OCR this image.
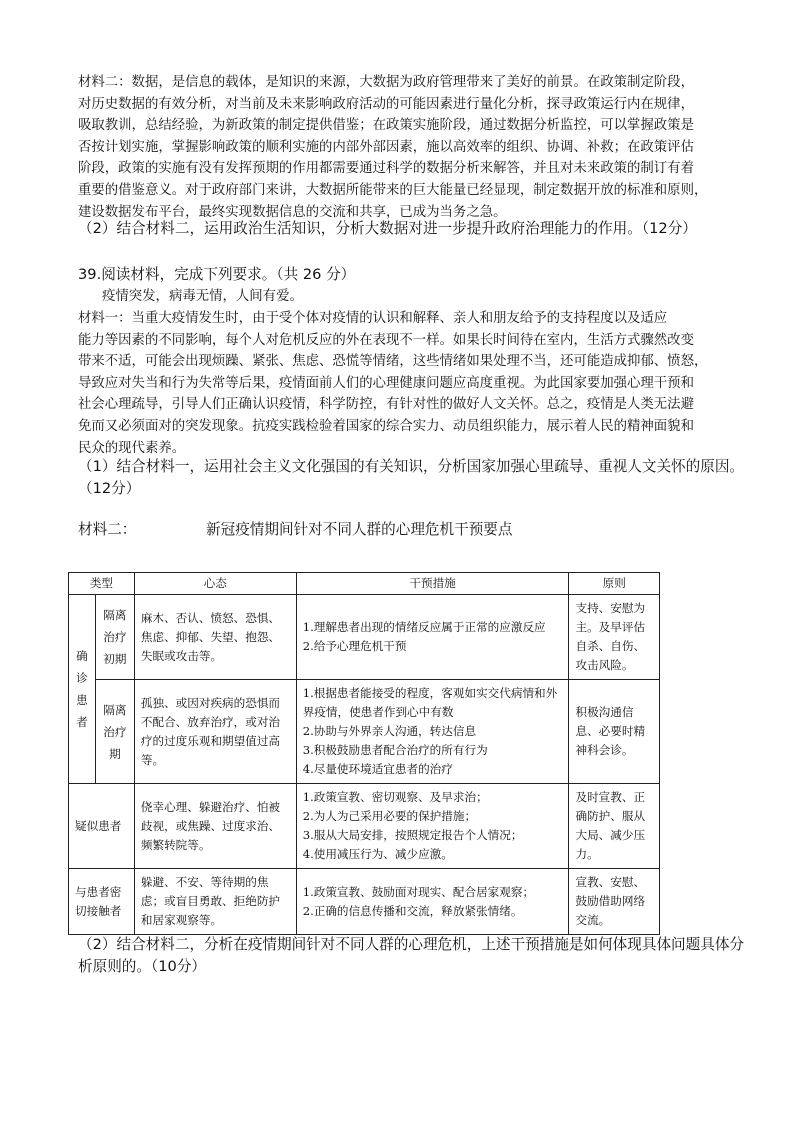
材料二：数据，是信息的载体，是知识的来源，大数据为政府管理带来了美好的前景。在政策制定阶段，
对历史数据的有效分析，对当前及未来影响政府活动的可能因素进行量化分析，探寻政策运行内在规律，
吸取教训，总结经验，为新政策的制定提供借鉴；在政策实施阶段，通过数据分析监控，可以掌握政策是
否按计划实施，掌握影响政策的顺利实施的内部外部因素，施以高效率的组织、协调、补救；在政策评估
阶段，政策的实施有没有发挥预期的作用都需要通过科学的数据分析来解答，并且对未来政策的制订有着
重要的借鉴意义。对于政府部门来讲，大数据所能带来的巨大能量已经显现，制定数据开放的标准和原则，
建设数据发布平台，最终实现数据信息的交流和共享，已成为当务之急。
（2）结合材料二，运用政治生活知识，分析大数据对进一步提升政府治理能力的作用。（12分）
39.阅读材料，完成下列要求。（共 26 分）
疫情突发，病毒无情，人间有爱。
材料一：当重大疫情发生时，由于受个体对疫情的认识和解释、亲人和朋友给予的支持程度以及适应
能力等因素的不同影响，每个人对危机反应的外在表现不一样。如果长时间待在室内，生活方式骤然改变
带来不适，可能会出现烦躁、紧张、焦虑、恐慌等情绪，这些情绪如果处理不当，还可能造成抑郁、愤怒，
导致应对失当和行为失常等后果，疫情面前人们的心理健康问题应高度重视。为此国家要加强心理干预和
社会心理疏导，引导人们正确认识疫情，科学防控，有针对性的做好人文关怀。总之，疫情是人类无法避
免而又必须面对的突发现象。抗疫实践检验着国家的综合实力、动员组织能力，展示着人民的精神面貌和
民众的现代素养。
（1）结合材料一，运用社会主义文化强国的有关知识，分析国家加强心里疏导、重视人文关怀的原因。
（12分）
材料二：	新冠疫情期间针对不同人群的心理危机干预要点
类型		心态	干预措施	原则

确诊患者	隔离治疗初期	麻木、否认、愤怒、恐惧、焦虑、抑郁、失望、抱怨、失眠或攻击等。	1.理解患者出现的情绪反应属于正常的应激反应
2.给予心理危机干预	支持、安慰为主。及早评估自杀、自伤、攻击风险。

	隔离治疗期	孤独、或因对疾病的恐惧而不配合、放弃治疗，或对治疗的过度乐观和期望值过高等。	1.根据患者能接受的程度，客观如实交代病情和外界疫情，使患者作到心中有数
2.协助与外界亲人沟通，转达信息
3.积极鼓励患者配合治疗的所有行为
4.尽量使环境适宜患者的治疗	积极沟通信息、必要时精神科会诊。
疑似患者		侥幸心理、躲避治疗、怕被歧视，或焦躁、过度求治、频繁转院等。	1.政策宣教、密切观察、及早求治；
2.为人为己采用必要的保护措施；
3.服从大局安排，按照规定报告个人情况；
4.使用减压行为、减少应激。	及时宣教、正确防护、服从大局、减少压力。
与患者密切接触者		躲避、不安、等待期的焦虑；或盲目勇敢、拒绝防护和居家观察等。	1.政策宣教、鼓励面对现实、配合居家观察；
2.正确的信息传播和交流，释放紧张情绪。	宣教、安慰、鼓励借助网络交流。
（2）结合材料二，分析在疫情期间针对不同人群的心理危机，上述干预措施是如何体现具体问题具体分
析原则的。（10分）
